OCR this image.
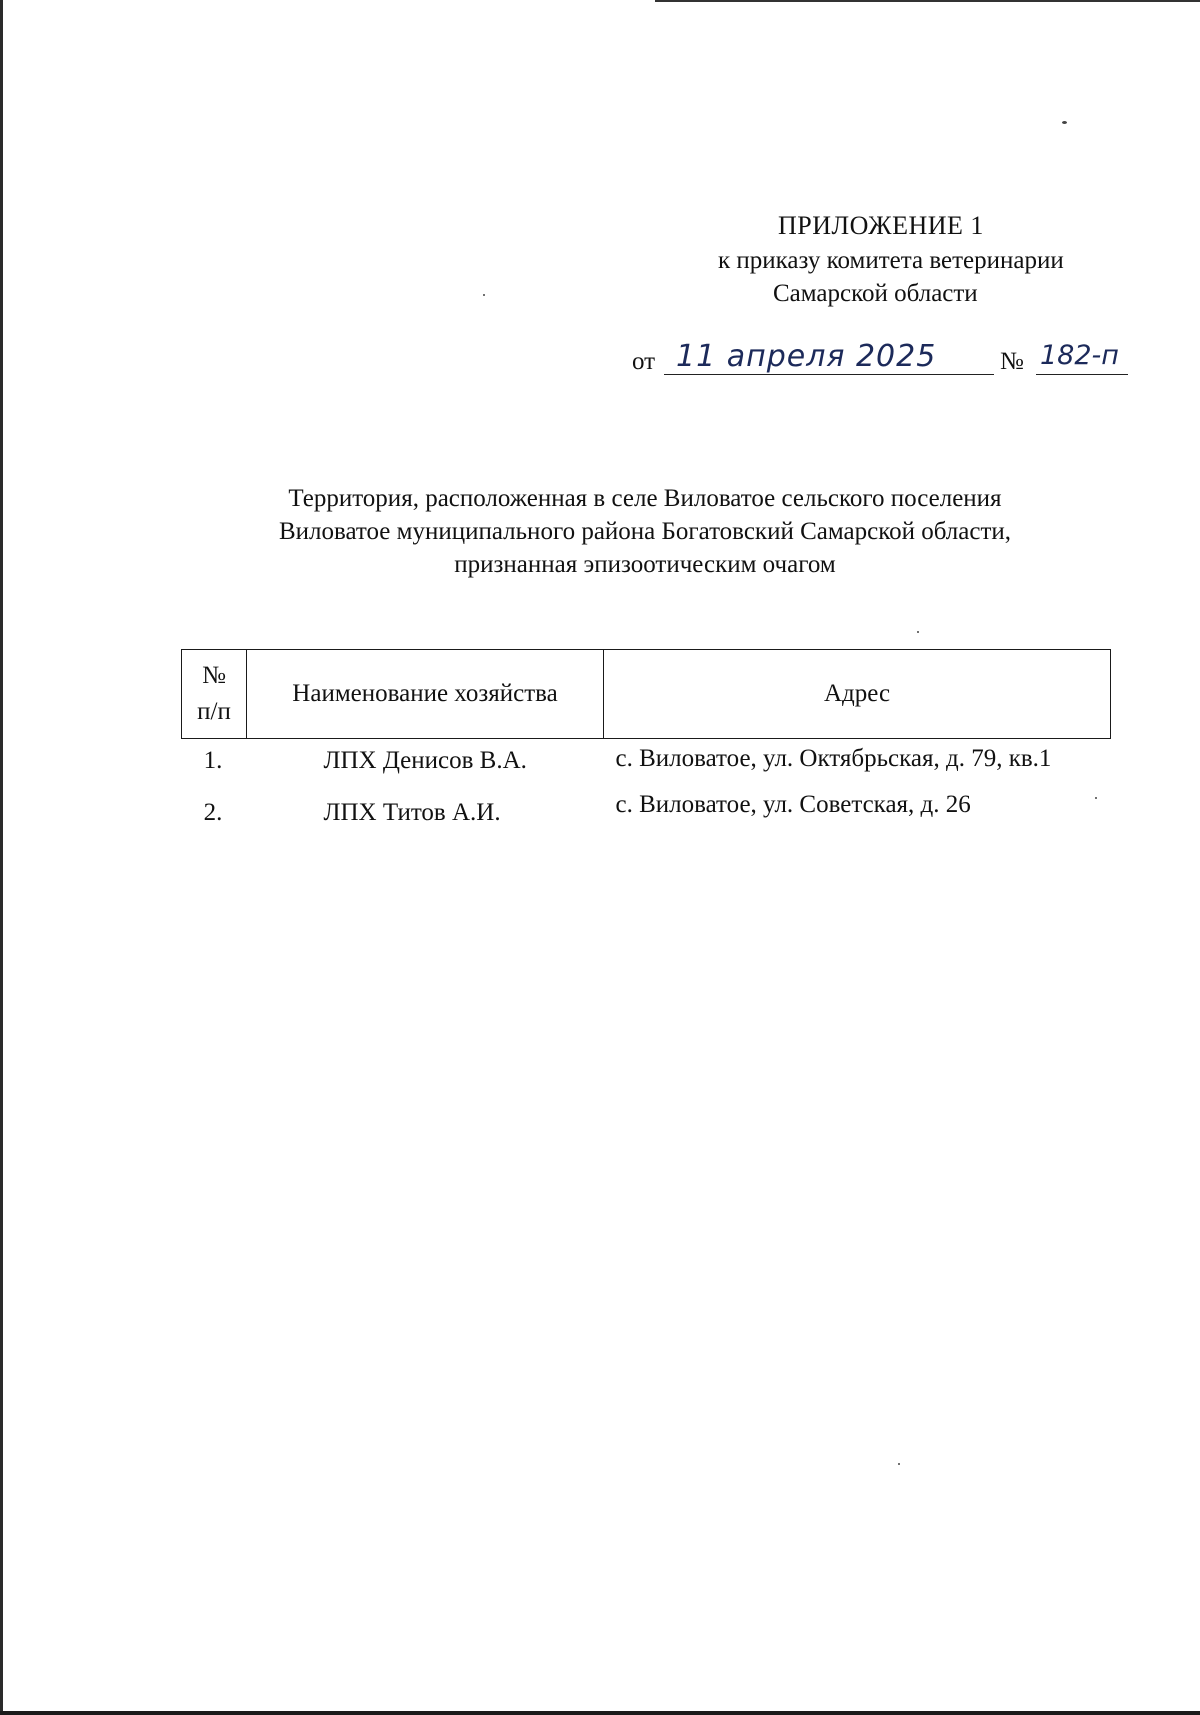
ПРИЛОЖЕНИЕ 1
к приказу комитета ветеринарии
Самарской области
от 11 апреля 2025	№ 182-п
Территория, расположенная в селе Виловатое сельского поселения
Виловатое муниципального района Богатовский Самарской области,
признанная эпизоотическим очагом
№
п/п	Наименование хозяйства	Адрес
1.	ЛПХ Денисов В.А.	с. Виловатое, ул. Октябрьская, д. 79, кв.1
2.	ЛПХ Титов А.И.	с. Виловатое, ул. Советская, д. 26
